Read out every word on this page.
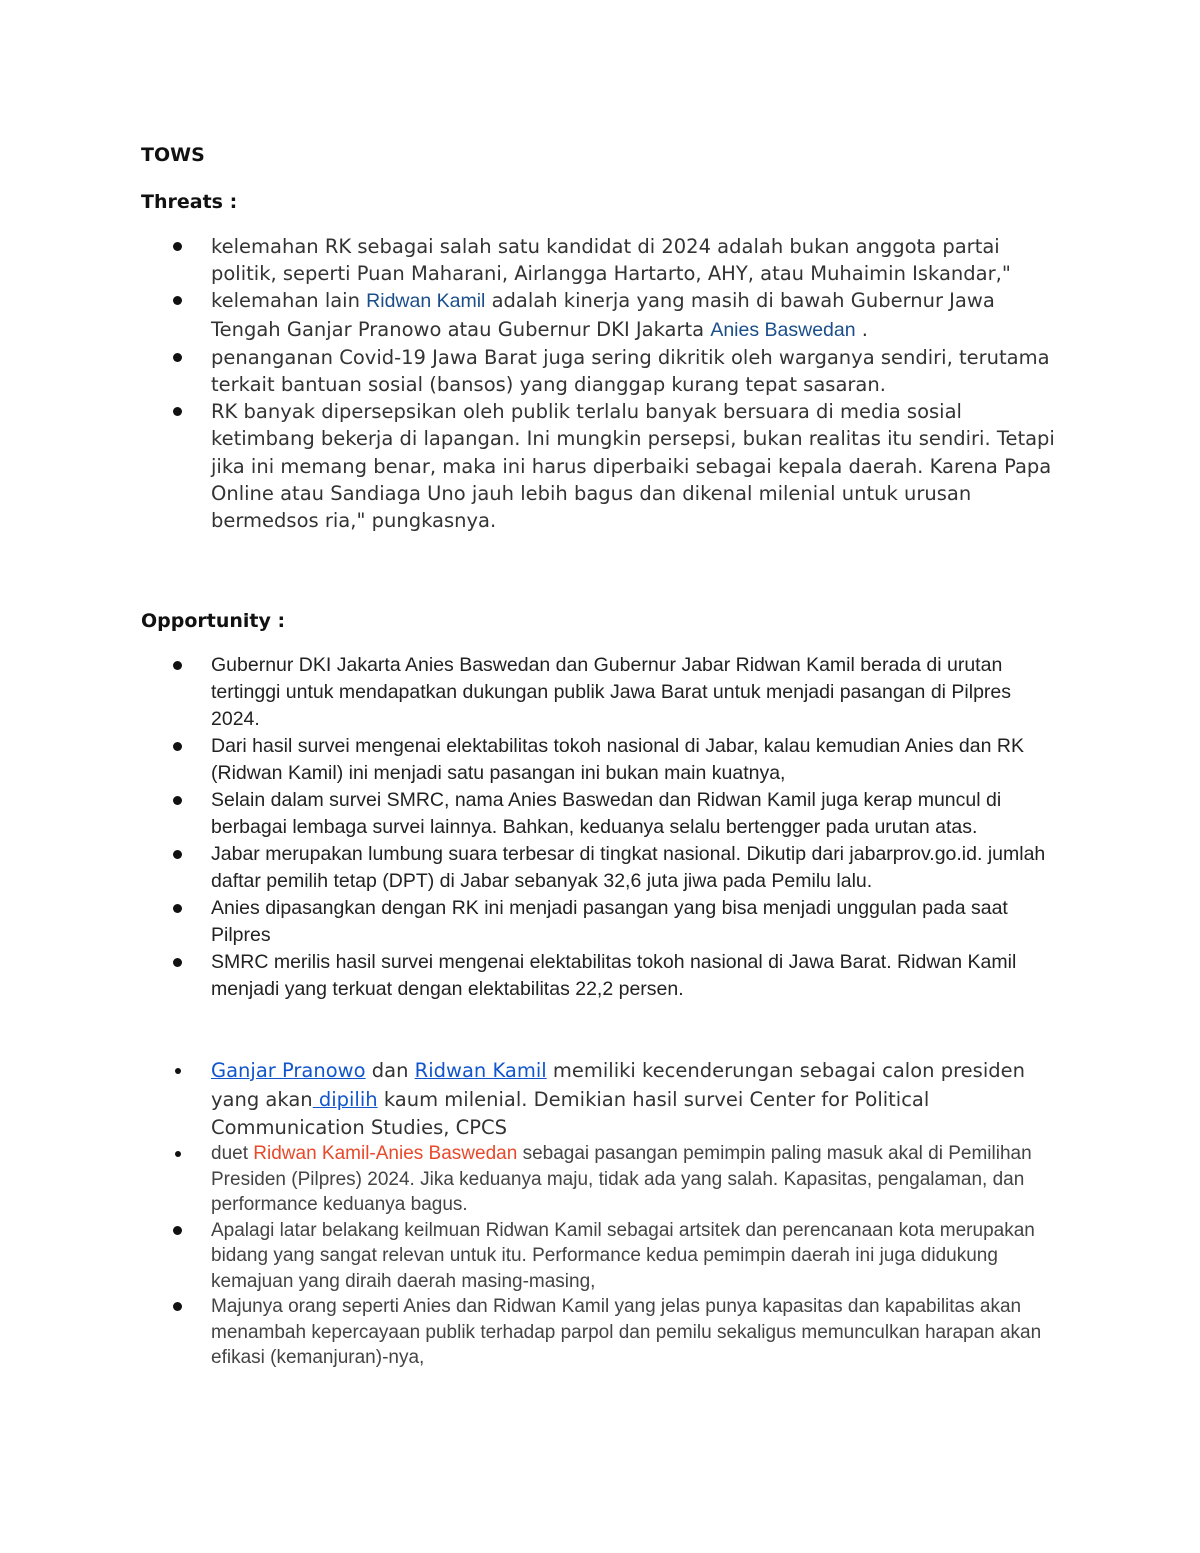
TOWS
Threats :
kelemahan RK sebagai salah satu kandidat di 2024 adalah bukan anggota partai politik, seperti Puan Maharani, Airlangga Hartarto, AHY, atau Muhaimin Iskandar,"
kelemahan lain Ridwan Kamil adalah kinerja yang masih di bawah Gubernur Jawa Tengah Ganjar Pranowo atau Gubernur DKI Jakarta Anies Baswedan .
penanganan Covid-19 Jawa Barat juga sering dikritik oleh warganya sendiri, terutama terkait bantuan sosial (bansos) yang dianggap kurang tepat sasaran.
RK banyak dipersepsikan oleh publik terlalu banyak bersuara di media sosial ketimbang bekerja di lapangan. Ini mungkin persepsi, bukan realitas itu sendiri. Tetapi jika ini memang benar, maka ini harus diperbaiki sebagai kepala daerah. Karena Papa Online atau Sandiaga Uno jauh lebih bagus dan dikenal milenial untuk urusan bermedsos ria," pungkasnya.
Opportunity :
Gubernur DKI Jakarta Anies Baswedan dan Gubernur Jabar Ridwan Kamil berada di urutan tertinggi untuk mendapatkan dukungan publik Jawa Barat untuk menjadi pasangan di Pilpres 2024.
Dari hasil survei mengenai elektabilitas tokoh nasional di Jabar, kalau kemudian Anies dan RK (Ridwan Kamil) ini menjadi satu pasangan ini bukan main kuatnya,
Selain dalam survei SMRC, nama Anies Baswedan dan Ridwan Kamil juga kerap muncul di berbagai lembaga survei lainnya. Bahkan, keduanya selalu bertengger pada urutan atas.
Jabar merupakan lumbung suara terbesar di tingkat nasional. Dikutip dari jabarprov.go.id. jumlah daftar pemilih tetap (DPT) di Jabar sebanyak 32,6 juta jiwa pada Pemilu lalu.
Anies dipasangkan dengan RK ini menjadi pasangan yang bisa menjadi unggulan pada saat Pilpres
SMRC merilis hasil survei mengenai elektabilitas tokoh nasional di Jawa Barat. Ridwan Kamil menjadi yang terkuat dengan elektabilitas 22,2 persen.
Ganjar Pranowo dan Ridwan Kamil memiliki kecenderungan sebagai calon presiden yang akan dipilih kaum milenial. Demikian hasil survei Center for Political Communication Studies, CPCS
duet Ridwan Kamil-Anies Baswedan sebagai pasangan pemimpin paling masuk akal di Pemilihan Presiden (Pilpres) 2024. Jika keduanya maju, tidak ada yang salah. Kapasitas, pengalaman, dan performance keduanya bagus.
Apalagi latar belakang keilmuan Ridwan Kamil sebagai artsitek dan perencanaan kota merupakan bidang yang sangat relevan untuk itu. Performance kedua pemimpin daerah ini juga didukung kemajuan yang diraih daerah masing-masing,
Majunya orang seperti Anies dan Ridwan Kamil yang jelas punya kapasitas dan kapabilitas akan menambah kepercayaan publik terhadap parpol dan pemilu sekaligus memunculkan harapan akan efikasi (kemanjuran)-nya,
